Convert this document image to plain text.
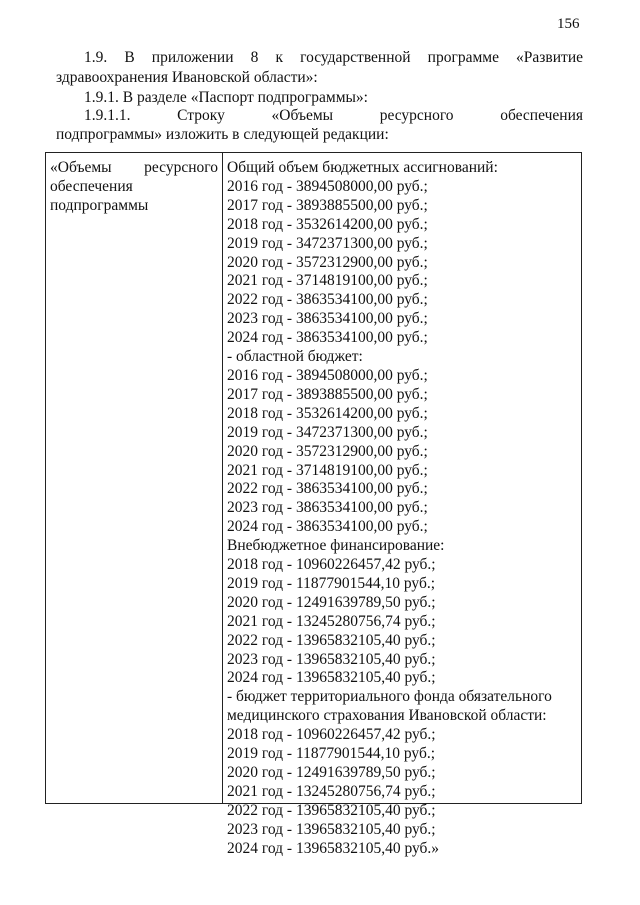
156
1.9. В приложении 8 к государственной программе «Развитие
здравоохранения Ивановской области»:
1.9.1. В разделе «Паспорт подпрограммы»:
1.9.1.1. Строку «Объемы ресурсного обеспечения
подпрограммы» изложить в следующей редакции:
«Объемы ресурсного
обеспечения
подпрограммы
Общий объем бюджетных ассигнований:
2016 год - 3894508000,00 руб.;
2017 год - 3893885500,00 руб.;
2018 год - 3532614200,00 руб.;
2019 год - 3472371300,00 руб.;
2020 год - 3572312900,00 руб.;
2021 год - 3714819100,00 руб.;
2022 год - 3863534100,00 руб.;
2023 год - 3863534100,00 руб.;
2024 год - 3863534100,00 руб.;
- областной бюджет:
2016 год - 3894508000,00 руб.;
2017 год - 3893885500,00 руб.;
2018 год - 3532614200,00 руб.;
2019 год - 3472371300,00 руб.;
2020 год - 3572312900,00 руб.;
2021 год - 3714819100,00 руб.;
2022 год - 3863534100,00 руб.;
2023 год - 3863534100,00 руб.;
2024 год - 3863534100,00 руб.;
Внебюджетное финансирование:
2018 год - 10960226457,42 руб.;
2019 год - 11877901544,10 руб.;
2020 год - 12491639789,50 руб.;
2021 год - 13245280756,74 руб.;
2022 год - 13965832105,40 руб.;
2023 год - 13965832105,40 руб.;
2024 год - 13965832105,40 руб.;
- бюджет территориального фонда обязательного
медицинского страхования Ивановской области:
2018 год - 10960226457,42 руб.;
2019 год - 11877901544,10 руб.;
2020 год - 12491639789,50 руб.;
2021 год - 13245280756,74 руб.;
2022 год - 13965832105,40 руб.;
2023 год - 13965832105,40 руб.;
2024 год - 13965832105,40 руб.»
